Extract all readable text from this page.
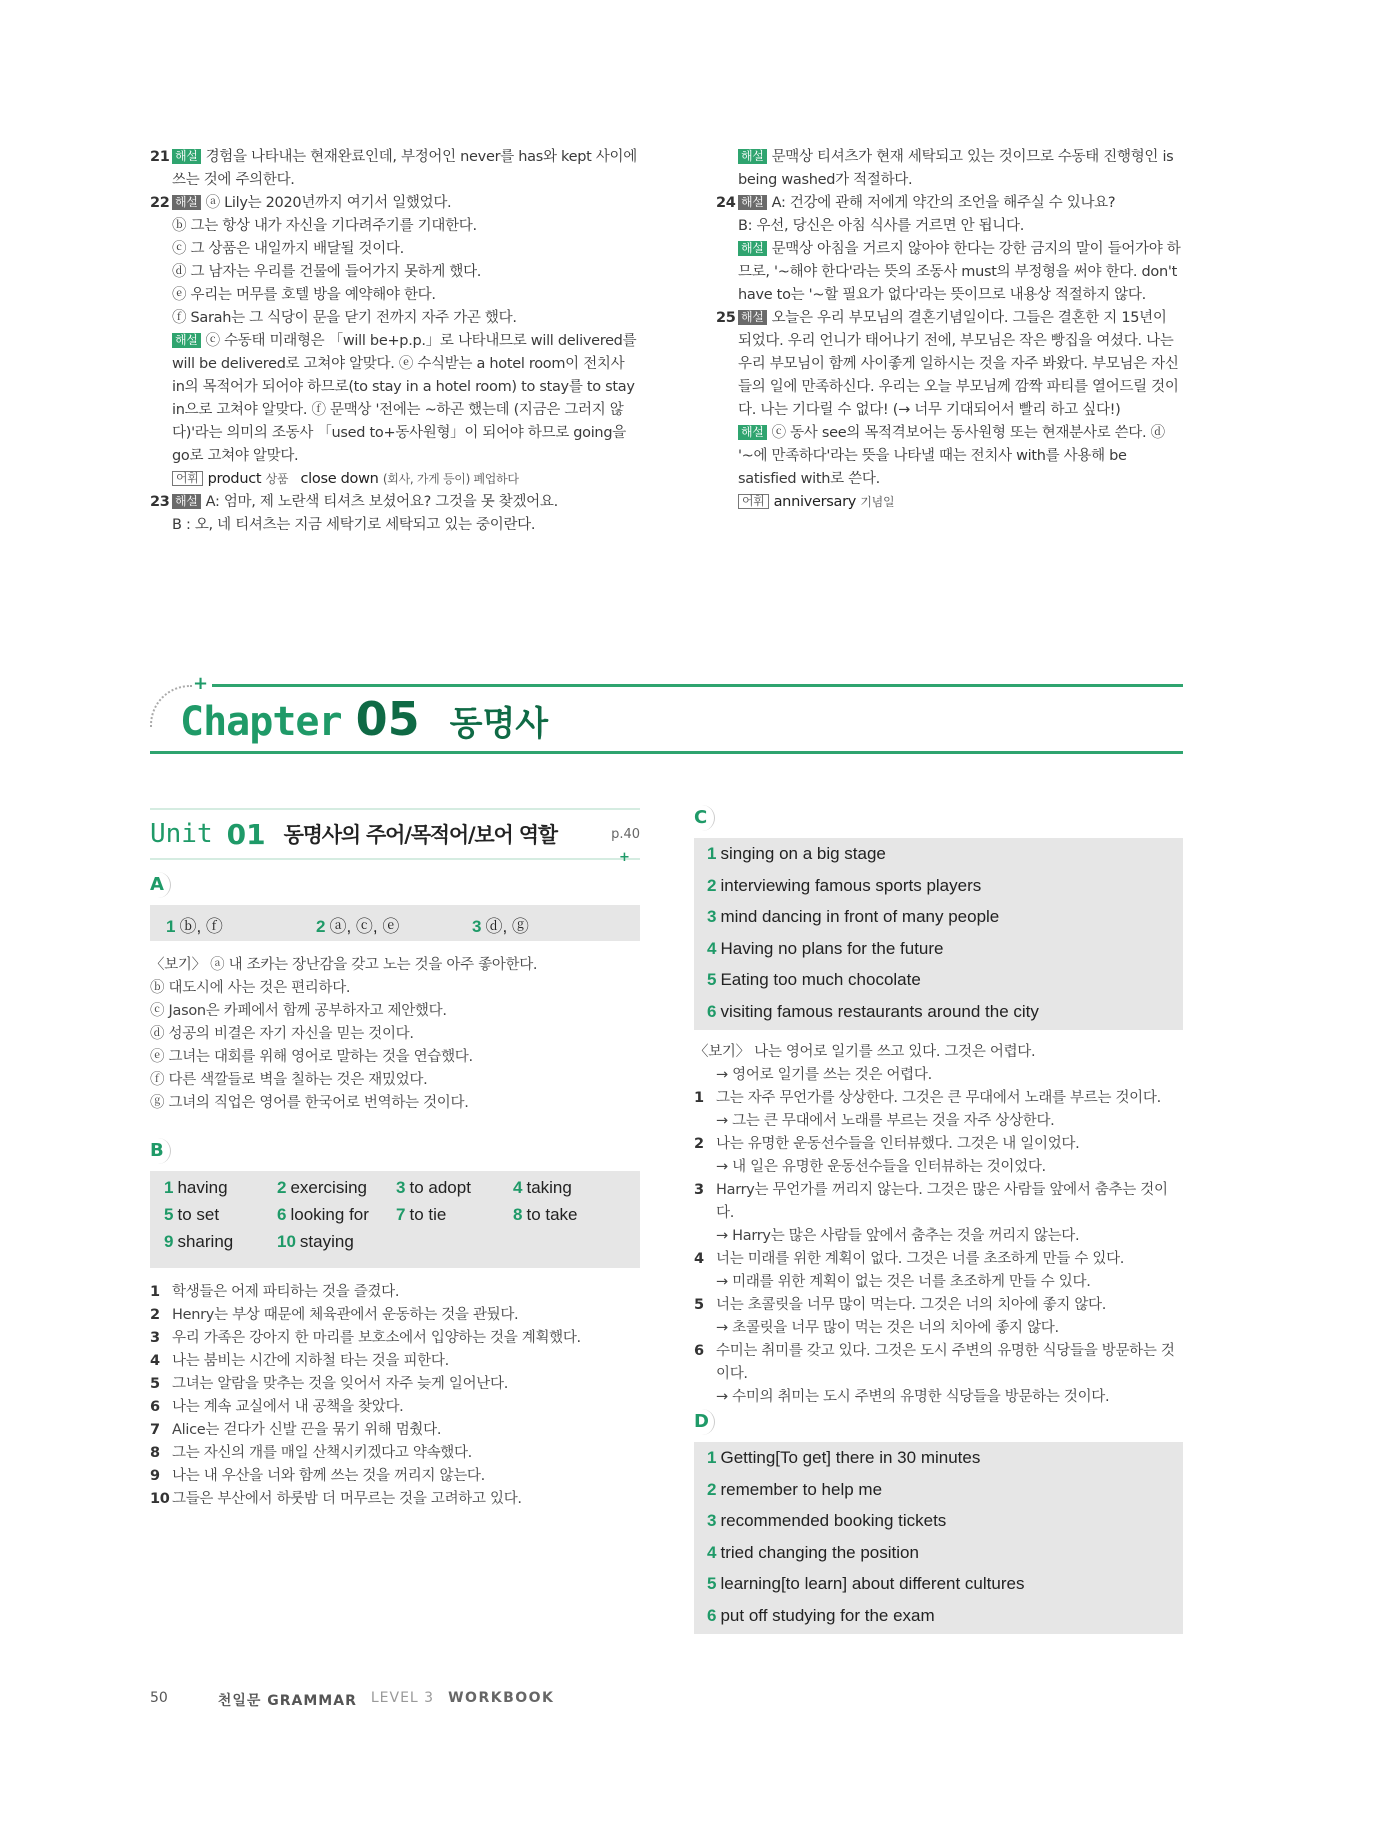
21 해설 경험을 나타내는 현재완료인데, 부정어인 never를 has와 kept 사이에 쓰는 것에 주의한다.
22 해설 ⓐ Lily는 2020년까지 여기서 일했었다.
ⓑ 그는 항상 내가 자신을 기다려주기를 기대한다.
ⓒ 그 상품은 내일까지 배달될 것이다.
ⓓ 그 남자는 우리를 건물에 들어가지 못하게 했다.
ⓔ 우리는 머무를 호텔 방을 예약해야 한다.
ⓕ Sarah는 그 식당이 문을 닫기 전까지 자주 가곤 했다.
해설 ⓒ 수동태 미래형은 「will be+p.p.」로 나타내므로 will delivered를 will be delivered로 고쳐야 알맞다. ⓔ 수식받는 a hotel room이 전치사 in의 목적어가 되어야 하므로(to stay in a hotel room) to stay를 to stay in으로 고쳐야 알맞다. ⓕ 문맥상 '전에는 ~하곤 했는데 (지금은 그러지 않다)'라는 의미의 조동사 「used to+동사원형」이 되어야 하므로 going을 go로 고쳐야 알맞다.
어휘 product 상품 close down (회사, 가게 등이) 폐업하다
23 해설 A: 엄마, 제 노란색 티셔츠 보셨어요? 그것을 못 찾겠어요.
B : 오, 네 티셔츠는 지금 세탁기로 세탁되고 있는 중이란다.
해설 문맥상 티셔츠가 현재 세탁되고 있는 것이므로 수동태 진행형인 is being washed가 적절하다.
24 해설 A: 건강에 관해 저에게 약간의 조언을 해주실 수 있나요?
B: 우선, 당신은 아침 식사를 거르면 안 됩니다.
해설 문맥상 아침을 거르지 않아야 한다는 강한 금지의 말이 들어가야 하므로, '~해야 한다'라는 뜻의 조동사 must의 부정형을 써야 한다. don't have to는 '~할 필요가 없다'라는 뜻이므로 내용상 적절하지 않다.
25 해설 오늘은 우리 부모님의 결혼기념일이다. 그들은 결혼한 지 15년이 되었다. 우리 언니가 태어나기 전에, 부모님은 작은 빵집을 여셨다. 나는 우리 부모님이 함께 사이좋게 일하시는 것을 자주 봐왔다. 부모님은 자신들의 일에 만족하신다. 우리는 오늘 부모님께 깜짝 파티를 열어드릴 것이다. 나는 기다릴 수 없다! (→ 너무 기대되어서 빨리 하고 싶다!)
해설 ⓒ 동사 see의 목적격보어는 동사원형 또는 현재분사로 쓴다. ⓓ '~에 만족하다'라는 뜻을 나타낼 때는 전치사 with를 사용해 be satisfied with로 쓴다.
어휘 anniversary 기념일
+
Chapter 05 동명사
Unit 01 동명사의 주어/목적어/보어 역할	p.40
+
A
1 ⓑ, ⓕ	2 ⓐ, ⓒ, ⓔ	3 ⓓ, ⓖ
〈보기〉 ⓐ 내 조카는 장난감을 갖고 노는 것을 아주 좋아한다.
ⓑ 대도시에 사는 것은 편리하다.
ⓒ Jason은 카페에서 함께 공부하자고 제안했다.
ⓓ 성공의 비결은 자기 자신을 믿는 것이다.
ⓔ 그녀는 대회를 위해 영어로 말하는 것을 연습했다.
ⓕ 다른 색깔들로 벽을 칠하는 것은 재밌었다.
ⓖ 그녀의 직업은 영어를 한국어로 번역하는 것이다.
B
1 having	2 exercising 3 to adopt 4 taking
5 to set	6 looking for 7 to tie	8 to take
9 sharing	10 staying
1 학생들은 어제 파티하는 것을 즐겼다.
2 Henry는 부상 때문에 체육관에서 운동하는 것을 관뒀다.
3 우리 가족은 강아지 한 마리를 보호소에서 입양하는 것을 계획했다.
4 나는 붐비는 시간에 지하철 타는 것을 피한다.
5 그녀는 알람을 맞추는 것을 잊어서 자주 늦게 일어난다.
6 나는 계속 교실에서 내 공책을 찾았다.
7 Alice는 걷다가 신발 끈을 묶기 위해 멈췄다.
8 그는 자신의 개를 매일 산책시키겠다고 약속했다.
9 나는 내 우산을 너와 함께 쓰는 것을 꺼리지 않는다.
10 그들은 부산에서 하룻밤 더 머무르는 것을 고려하고 있다.
C
1 singing on a big stage
2 interviewing famous sports players
3 mind dancing in front of many people
4 Having no plans for the future
5 Eating too much chocolate
6 visiting famous restaurants around the city
〈보기〉 나는 영어로 일기를 쓰고 있다. 그것은 어렵다.
→ 영어로 일기를 쓰는 것은 어렵다.
1 그는 자주 무언가를 상상한다. 그것은 큰 무대에서 노래를 부르는 것이다.
→ 그는 큰 무대에서 노래를 부르는 것을 자주 상상한다.
2 나는 유명한 운동선수들을 인터뷰했다. 그것은 내 일이었다.
→ 내 일은 유명한 운동선수들을 인터뷰하는 것이었다.
3 Harry는 무언가를 꺼리지 않는다. 그것은 많은 사람들 앞에서 춤추는 것이다.
→ Harry는 많은 사람들 앞에서 춤추는 것을 꺼리지 않는다.
4 너는 미래를 위한 계획이 없다. 그것은 너를 초조하게 만들 수 있다.
→ 미래를 위한 계획이 없는 것은 너를 초조하게 만들 수 있다.
5 너는 초콜릿을 너무 많이 먹는다. 그것은 너의 치아에 좋지 않다.
→ 초콜릿을 너무 많이 먹는 것은 너의 치아에 좋지 않다.
6 수미는 취미를 갖고 있다. 그것은 도시 주변의 유명한 식당들을 방문하는 것이다.
→ 수미의 취미는 도시 주변의 유명한 식당들을 방문하는 것이다.
D
1 Getting[To get] there in 30 minutes
2 remember to help me
3 recommended booking tickets
4 tried changing the position
5 learning[to learn] about different cultures
6 put off studying for the exam
50	천일문 GRAMMAR LEVEL 3 WORKBOOK
